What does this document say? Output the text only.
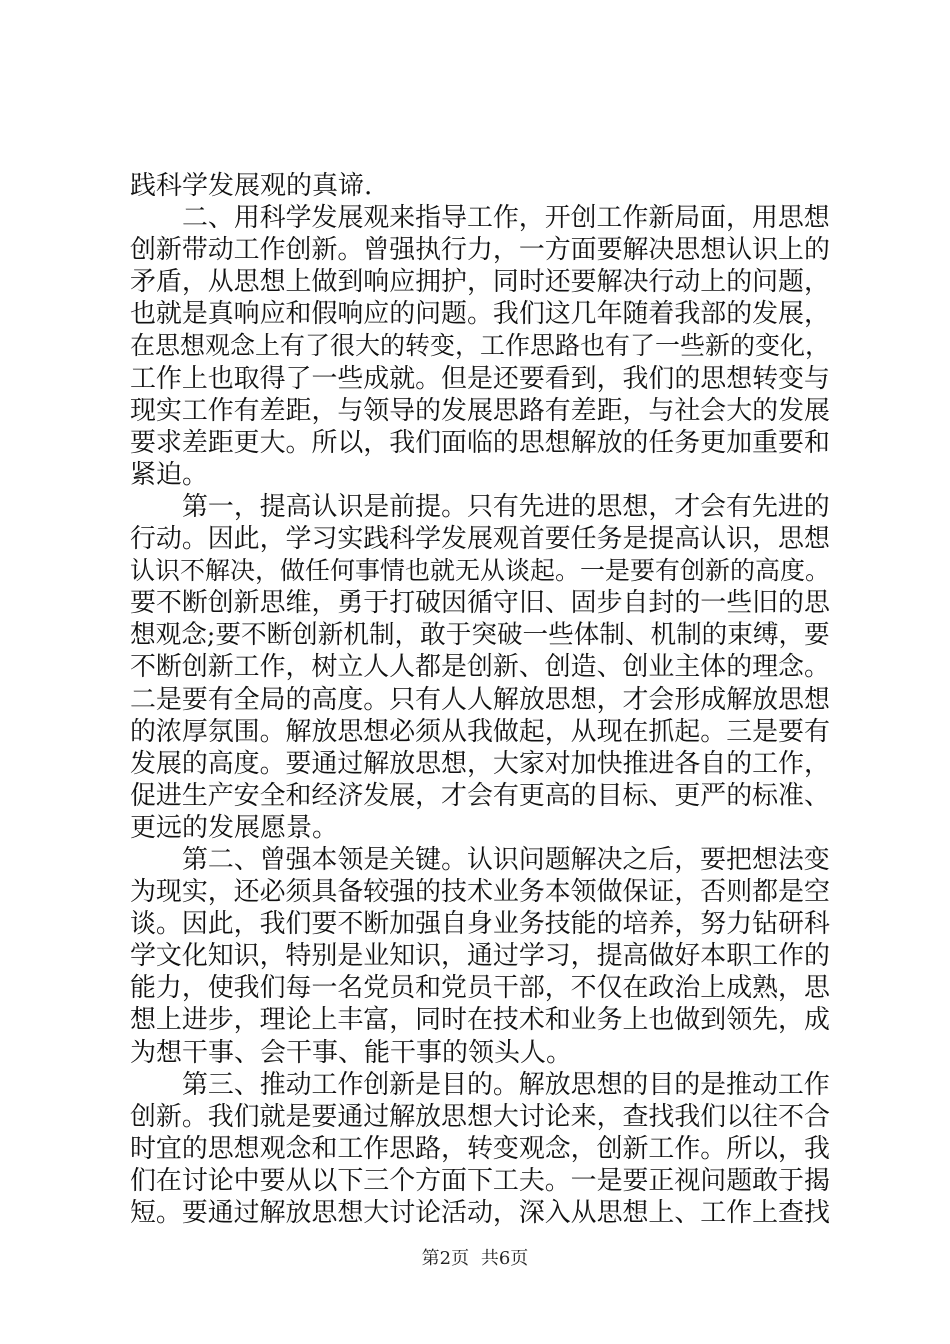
践科学发展观的真谛.
二、用科学发展观来指导工作，开创工作新局面，用思想
创新带动工作创新。曾强执行力，一方面要解决思想认识上的
矛盾，从思想上做到响应拥护，同时还要解决行动上的问题，
也就是真响应和假响应的问题。我们这几年随着我部的发展，
在思想观念上有了很大的转变，工作思路也有了一些新的变化，
工作上也取得了一些成就。但是还要看到，我们的思想转变与
现实工作有差距，与领导的发展思路有差距，与社会大的发展
要求差距更大。所以，我们面临的思想解放的任务更加重要和
紧迫。
第一，提高认识是前提。只有先进的思想，才会有先进的
行动。因此，学习实践科学发展观首要任务是提高认识，思想
认识不解决，做任何事情也就无从谈起。一是要有创新的高度。
要不断创新思维，勇于打破因循守旧、固步自封的一些旧的思
想观念;要不断创新机制，敢于突破一些体制、机制的束缚，要
不断创新工作，树立人人都是创新、创造、创业主体的理念。
二是要有全局的高度。只有人人解放思想，才会形成解放思想
的浓厚氛围。解放思想必须从我做起，从现在抓起。三是要有
发展的高度。要通过解放思想，大家对加快推进各自的工作，
促进生产安全和经济发展，才会有更高的目标、更严的标准、
更远的发展愿景。
第二、曾强本领是关键。认识问题解决之后，要把想法变
为现实，还必须具备较强的技术业务本领做保证，否则都是空
谈。因此，我们要不断加强自身业务技能的培养，努力钻研科
学文化知识，特别是业知识，通过学习，提高做好本职工作的
能力，使我们每一名党员和党员干部，不仅在政治上成熟，思
想上进步，理论上丰富，同时在技术和业务上也做到领先，成
为想干事、会干事、能干事的领头人。
第三、推动工作创新是目的。解放思想的目的是推动工作
创新。我们就是要通过解放思想大讨论来，查找我们以往不合
时宜的思想观念和工作思路，转变观念，创新工作。所以，我
们在讨论中要从以下三个方面下工夫。一是要正视问题敢于揭
短。要通过解放思想大讨论活动，深入从思想上、工作上查找
第2页 共6页
